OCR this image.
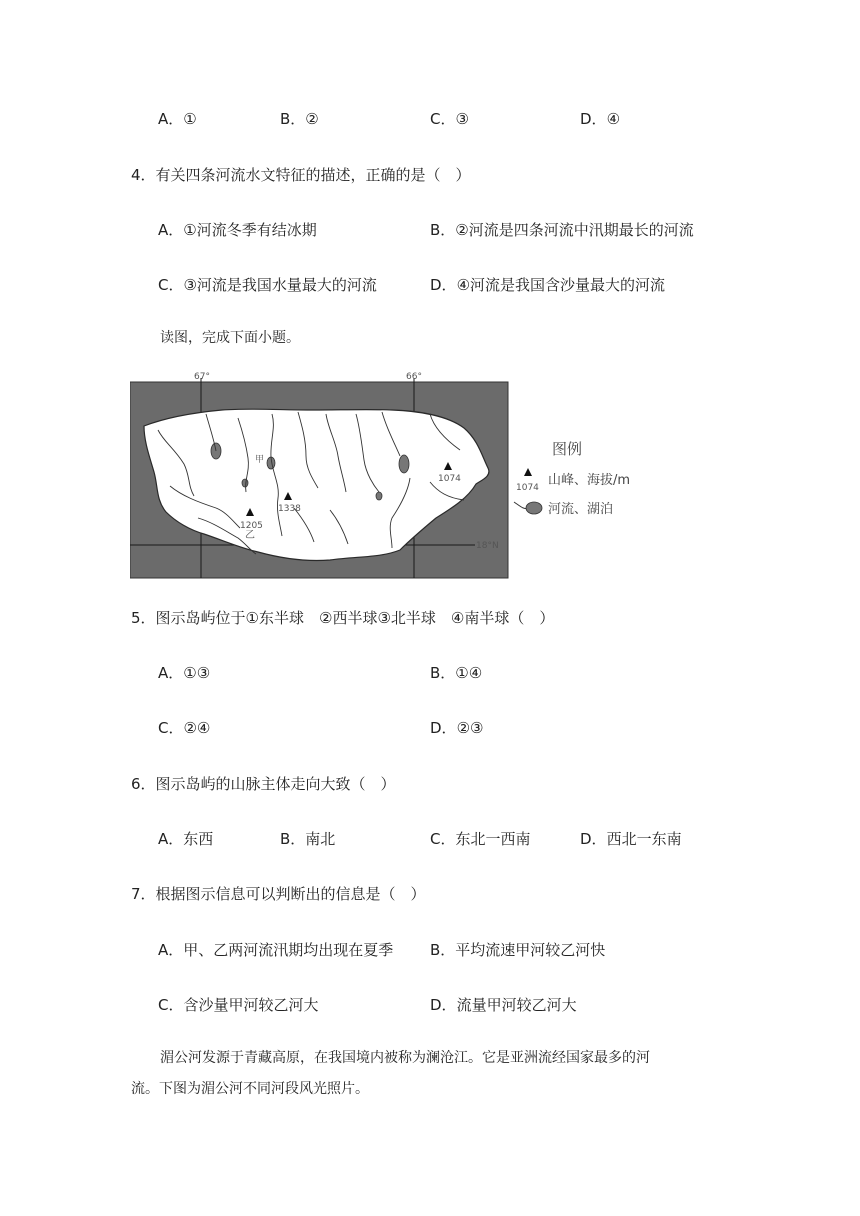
A．①	B．②	C．③	D．④
4．有关四条河流水文特征的描述，正确的是（　）
A．①河流冬季有结冰期	B．②河流是四条河流中汛期最长的河流
C．③河流是我国水量最大的河流	D．④河流是我国含沙量最大的河流
读图，完成下面小题。
67°	66°
18°N
1205
1338
1074
甲
乙
图例
1074 山峰、海拔/m
河流、湖泊
5．图示岛屿位于①东半球　②西半球③北半球　④南半球（　）
A．①③	B．①④
C．②④	D．②③
6．图示岛屿的山脉主体走向大致（　）
A．东西	B．南北	C．东北一西南	D．西北一东南
7．根据图示信息可以判断出的信息是（　）
A．甲、乙两河流汛期均出现在夏季 B．平均流速甲河较乙河快
C．含沙量甲河较乙河大	D．流量甲河较乙河大
湄公河发源于青藏高原，在我国境内被称为澜沧江。它是亚洲流经国家最多的河
流。下图为湄公河不同河段风光照片。
